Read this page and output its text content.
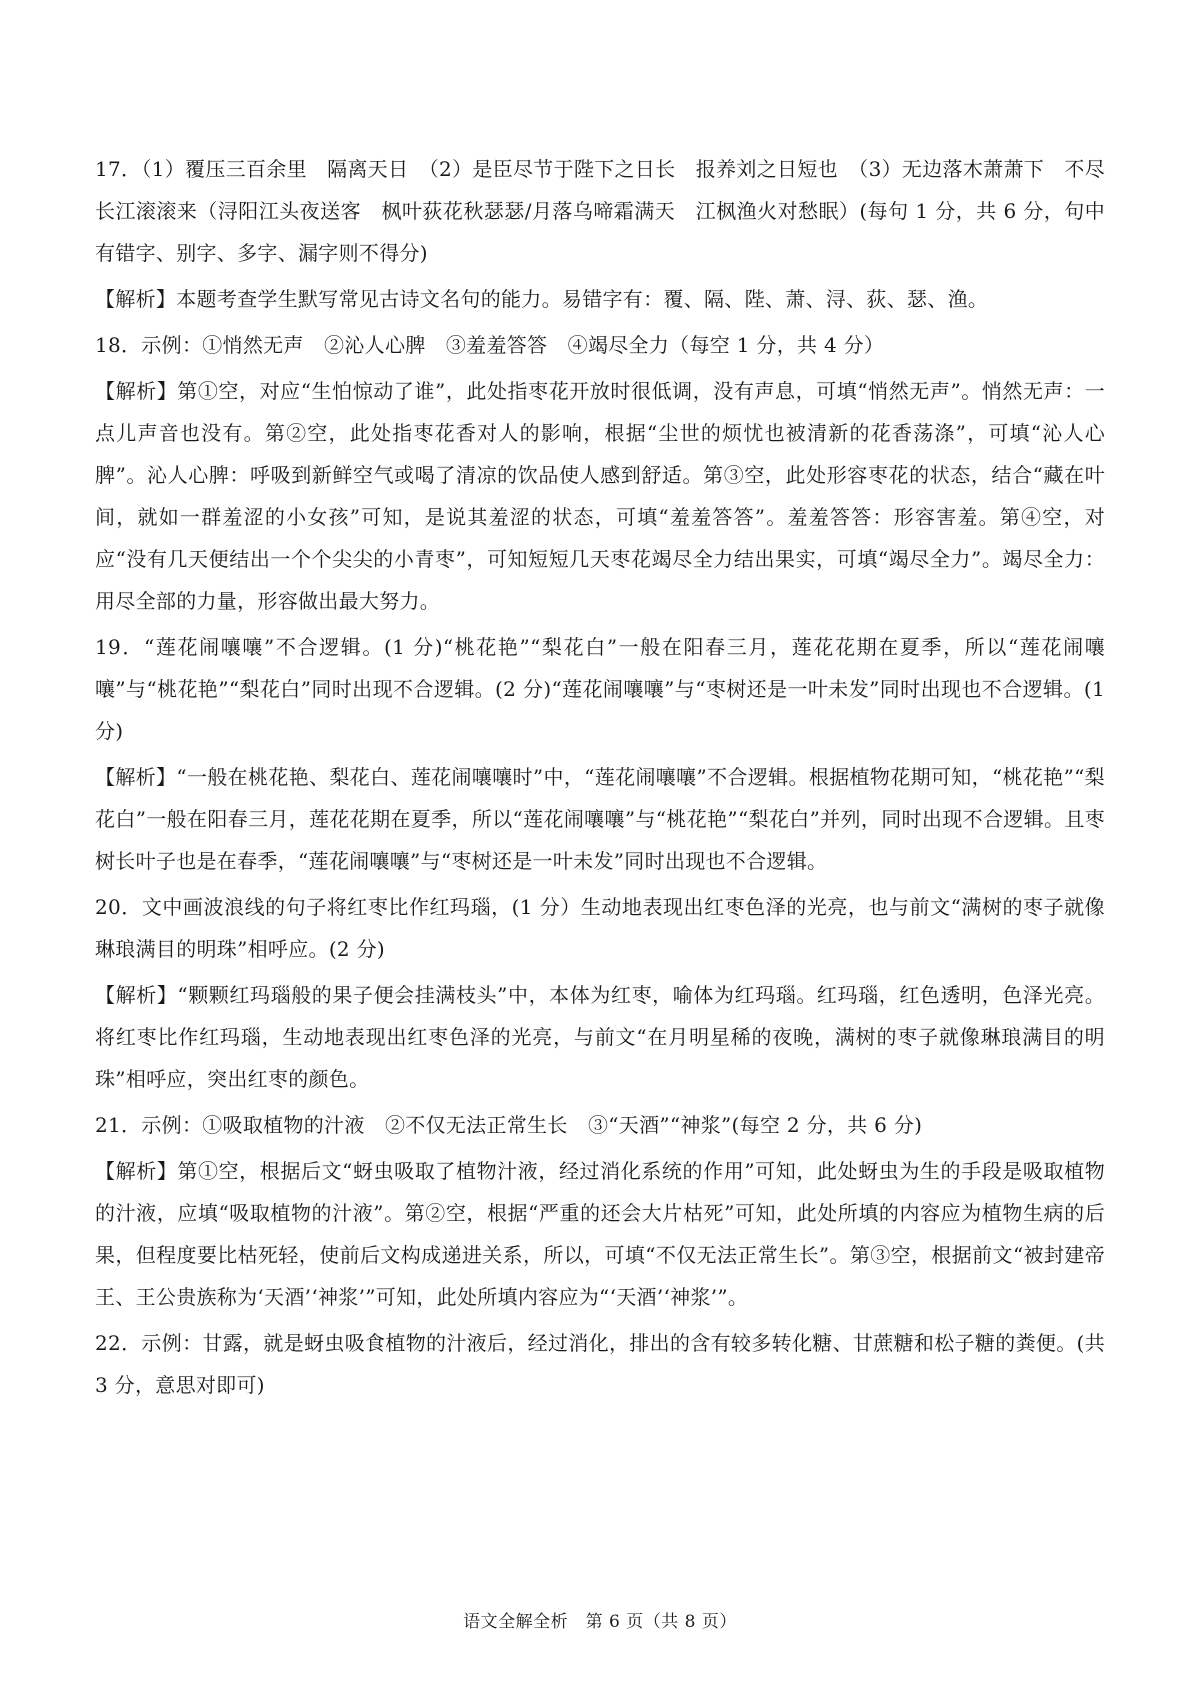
17．（1）覆压三百余里　隔离天日　（2）是臣尽节于陛下之日长　报养刘之日短也　（3）无边落木萧萧下　不尽长江滚滚来（浔阳江头夜送客　枫叶荻花秋瑟瑟/月落乌啼霜满天　江枫渔火对愁眠）(每句 1 分，共 6 分，句中有错字、别字、多字、漏字则不得分)

【解析】本题考查学生默写常见古诗文名句的能力。易错字有：覆、隔、陛、萧、浔、荻、瑟、渔。

18．示例：①悄然无声　②沁人心脾　③羞羞答答　④竭尽全力（每空 1 分，共 4 分）

【解析】第①空，对应“生怕惊动了谁”，此处指枣花开放时很低调，没有声息，可填“悄然无声”。悄然无声：一点儿声音也没有。第②空，此处指枣花香对人的影响，根据“尘世的烦忧也被清新的花香荡涤”，可填“沁人心脾”。沁人心脾：呼吸到新鲜空气或喝了清凉的饮品使人感到舒适。第③空，此处形容枣花的状态，结合“藏在叶间，就如一群羞涩的小女孩”可知，是说其羞涩的状态，可填“羞羞答答”。羞羞答答：形容害羞。第④空，对应“没有几天便结出一个个尖尖的小青枣”，可知短短几天枣花竭尽全力结出果实，可填“竭尽全力”。竭尽全力：用尽全部的力量，形容做出最大努力。

19．“莲花闹嚷嚷”不合逻辑。(1 分)“桃花艳”“梨花白”一般在阳春三月，莲花花期在夏季，所以“莲花闹嚷嚷”与“桃花艳”“梨花白”同时出现不合逻辑。(2 分)“莲花闹嚷嚷”与“枣树还是一叶未发”同时出现也不合逻辑。(1 分)

【解析】“一般在桃花艳、梨花白、莲花闹嚷嚷时”中，“莲花闹嚷嚷”不合逻辑。根据植物花期可知，“桃花艳”“梨花白”一般在阳春三月，莲花花期在夏季，所以“莲花闹嚷嚷”与“桃花艳”“梨花白”并列，同时出现不合逻辑。且枣树长叶子也是在春季，“莲花闹嚷嚷”与“枣树还是一叶未发”同时出现也不合逻辑。

20．文中画波浪线的句子将红枣比作红玛瑙，(1 分）生动地表现出红枣色泽的光亮，也与前文“满树的枣子就像琳琅满目的明珠”相呼应。(2 分)

【解析】“颗颗红玛瑙般的果子便会挂满枝头”中，本体为红枣，喻体为红玛瑙。红玛瑙，红色透明，色泽光亮。将红枣比作红玛瑙，生动地表现出红枣色泽的光亮，与前文“在月明星稀的夜晚，满树的枣子就像琳琅满目的明珠”相呼应，突出红枣的颜色。

21．示例：①吸取植物的汁液　②不仅无法正常生长　③“天酒”“神浆”(每空 2 分，共 6 分)

【解析】第①空，根据后文“蚜虫吸取了植物汁液，经过消化系统的作用”可知，此处蚜虫为生的手段是吸取植物的汁液，应填“吸取植物的汁液”。第②空，根据“严重的还会大片枯死”可知，此处所填的内容应为植物生病的后果，但程度要比枯死轻，使前后文构成递进关系，所以，可填“不仅无法正常生长”。第③空，根据前文“被封建帝王、王公贵族称为‘天酒’‘神浆’”可知，此处所填内容应为“‘天酒’‘神浆’”。

22．示例：甘露，就是蚜虫吸食植物的汁液后，经过消化，排出的含有较多转化糖、甘蔗糖和松子糖的粪便。(共 3 分，意思对即可)

语文全解全析　第 6 页（共 8 页）
